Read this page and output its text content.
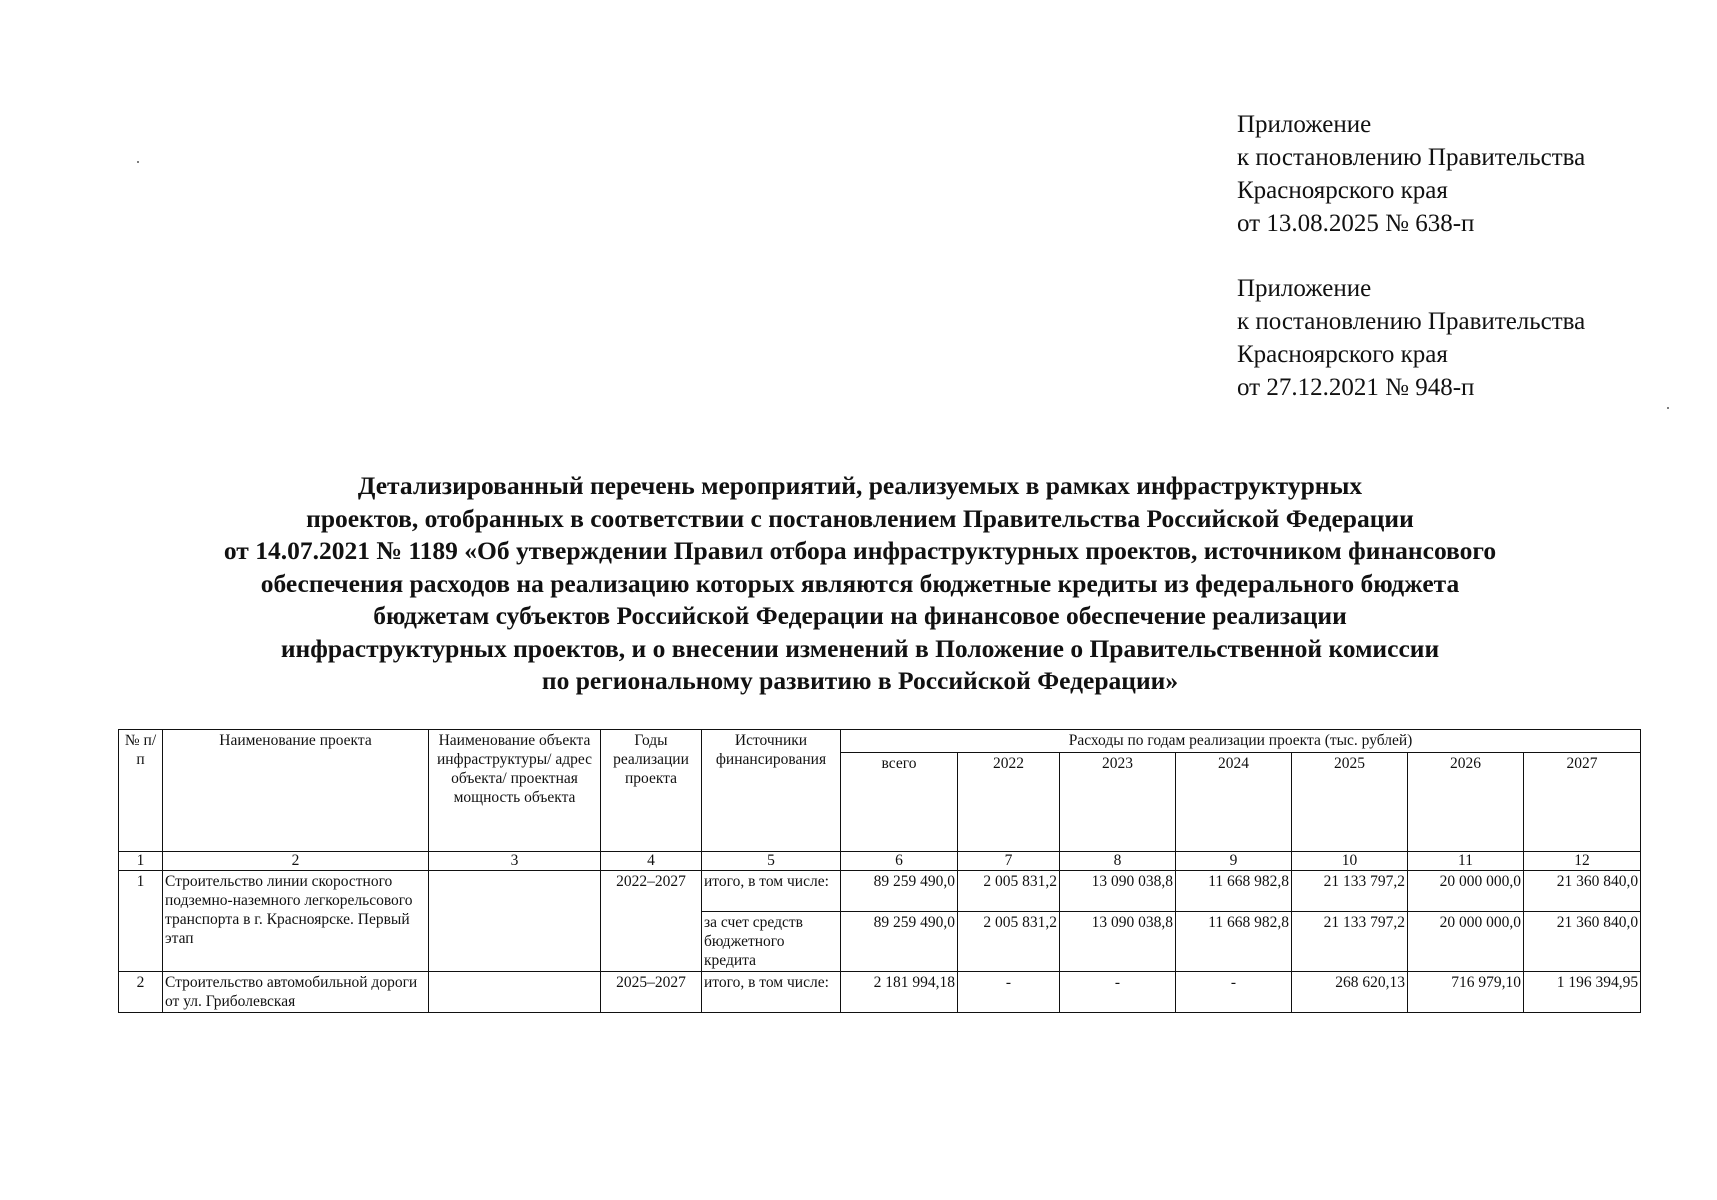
Приложение
к постановлению Правительства
Красноярского края
от 13.08.2025 № 638-п
Приложение
к постановлению Правительства
Красноярского края
от 27.12.2021 № 948-п
Детализированный перечень мероприятий, реализуемых в рамках инфраструктурных
проектов, отобранных в соответствии с постановлением Правительства Российской Федерации
от 14.07.2021 № 1189 «Об утверждении Правил отбора инфраструктурных проектов, источником финансового
обеспечения расходов на реализацию которых являются бюджетные кредиты из федерального бюджета
бюджетам субъектов Российской Федерации на финансовое обеспечение реализации
инфраструктурных проектов, и о внесении изменений в Положение о Правительственной комиссии
по региональному развитию в Российской Федерации»
№ п/п	Наименование проекта	Наименование объекта инфраструктуры/ адрес объекта/ проектная мощность объекта	Годы реализации проекта	Источники финансирования	Расходы по годам реализации проекта (тыс. рублей)						
					всего	2022	2023	2024	2025	2026	2027
1	2	3	4	5	6	7	8	9	10	11	12
1	Строительство линии скоростного подземно-наземного легкорельсового транспорта в г. Красноярске. Первый этап		2022–2027	итого, в том числе:	89 259 490,0	2 005 831,2	13 090 038,8	11 668 982,8	21 133 797,2	20 000 000,0	21 360 840,0
				за счет средств бюджетного кредита	89 259 490,0	2 005 831,2	13 090 038,8	11 668 982,8	21 133 797,2	20 000 000,0	21 360 840,0
2	Строительство автомобильной дороги от ул. Гриболевская		2025–2027	итого, в том числе:	2 181 994,18	-	-	-	268 620,13	716 979,10	1 196 394,95
